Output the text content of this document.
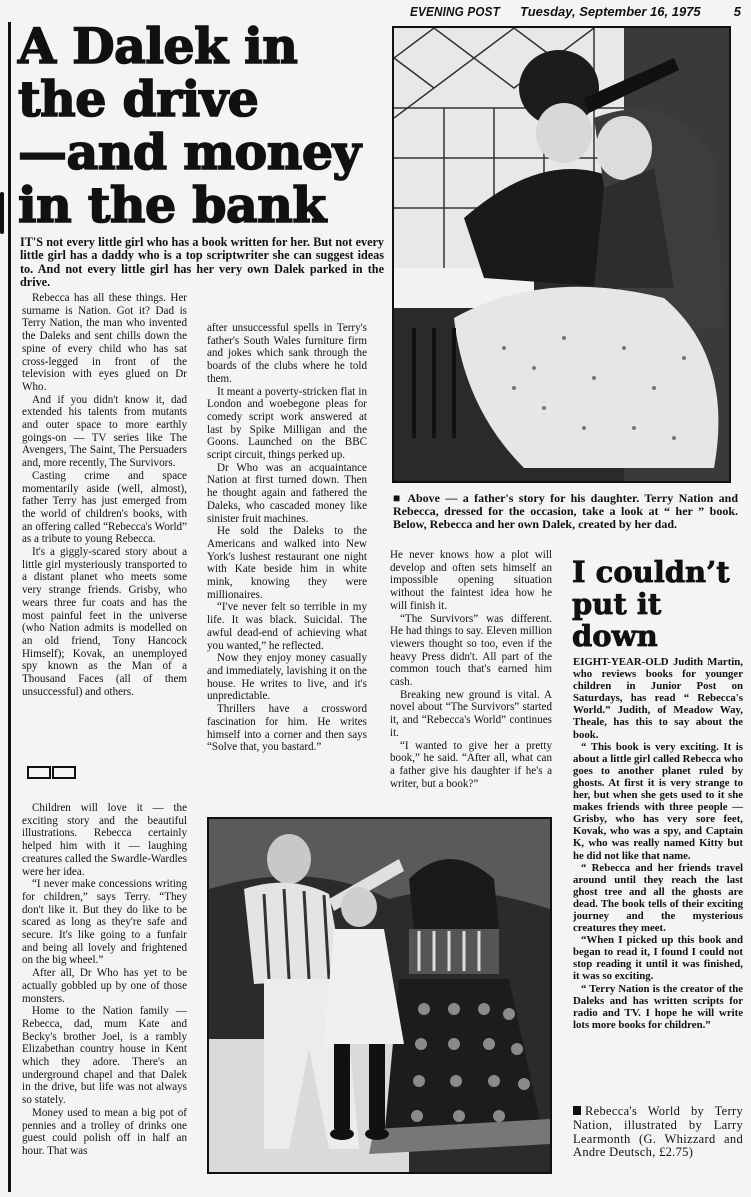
EVENING POST Tuesday, September 16, 1975	5
A Dalek in
the drive
—and money
in the bank
IT'S not every little girl who has a book written for her. But not every little girl has a daddy who is a top scriptwriter she can suggest ideas to. And not every little girl has her very own Dalek parked in the drive.

Rebecca has all these things. Her surname is Nation. Got it? Dad is Terry Nation, the man who invented the Daleks and sent chills down the spine of every child who has sat cross-legged in front of the television with eyes glued on Dr Who.

And if you didn't know it, dad extended his talents from mutants and outer space to more earthly goings-on — TV series like The Avengers, The Saint, The Persuaders and, more recently, The Survivors.

Casting crime and space momentarily aside (well, almost), father Terry has just emerged from the world of children's books, with an offering called “Rebecca's World” as a tribute to young Rebecca.

It's a giggly-scared story about a little girl mysteriously transported to a distant planet who meets some very strange friends. Grisby, who wears three fur coats and has the most painful feet in the universe (who Nation admits is modelled on an old friend, Tony Hancock Himself); Kovak, an unemployed spy known as the Man of a Thousand Faces (all of them unsuccessful) and others.

Children will love it — the exciting story and the beautiful illustrations. Rebecca certainly helped him with it — laughing creatures called the Swardle-Wardles were her idea.

“I never make concessions writing for children,” says Terry. “They don't like it. But they do like to be scared as long as they're safe and secure. It's like going to a funfair and being all lovely and frightened on the big wheel.”

After all, Dr Who has yet to be actually gobbled up by one of those monsters.

Home to the Nation family — Rebecca, dad, mum Kate and Becky's brother Joel, is a rambly Elizabethan country house in Kent which they adore. There's an underground chapel and that Dalek in the drive, but life was not always so stately.

Money used to mean a big pot of pennies and a trolley of drinks one guest could polish off in half an hour. That was

after unsuccessful spells in Terry's father's South Wales furniture firm and jokes which sank through the boards of the clubs where he told them.

It meant a poverty-stricken flat in London and woebegone pleas for comedy script work answered at last by Spike Milligan and the Goons. Launched on the BBC script circuit, things perked up.

Dr Who was an acquaintance Nation at first turned down. Then he thought again and fathered the Daleks, who cascaded money like sinister fruit machines.

He sold the Daleks to the Americans and walked into New York's lushest restaurant one night with Kate beside him in white mink, knowing they were millionaires.

“I've never felt so terrible in my life. It was black. Suicidal. The awful dead-end of achieving what you wanted,” he reflected.

Now they enjoy money casually and immediately, lavishing it on the house. He writes to live, and it's unpredictable.

Thrillers have a crossword fascination for him. He writes himself into a corner and then says “Solve that, you bastard.”

■ Above — a father's story for his daughter. Terry Nation and Rebecca, dressed for the occasion, take a look at “ her ” book. Below, Rebecca and her own Dalek, created by her dad.

He never knows how a plot will develop and often sets himself an impossible opening situation without the faintest idea how he will finish it.

“The Survivors” was different. He had things to say. Eleven million viewers thought so too, even if the heavy Press didn't. All part of the common touch that's earned him cash.

Breaking new ground is vital. A novel about “The Survivors” started it, and “Rebecca's World” continues it.

“I wanted to give her a pretty book,” he said. “After all, what can a father give his daughter if he's a writer, but a book?”

I couldn’t
put it
down

EIGHT-YEAR-OLD Judith Martin, who reviews books for younger children in Junior Post on Saturdays, has read “ Rebecca's World.” Judith, of Meadow Way, Theale, has this to say about the book.

“ This book is very exciting. It is about a little girl called Rebecca who goes to another planet ruled by ghosts. At first it is very strange to her, but when she gets used to it she makes friends with three people — Grisby, who has very sore feet, Kovak, who was a spy, and Captain K, who was really named Kitty but he did not like that name.

“ Rebecca and her friends travel around until they reach the last ghost tree and all the ghosts are dead. The book tells of their exciting journey and the mysterious creatures they meet.

“When I picked up this book and began to read it, I found I could not stop reading it until it was finished, it was so exciting.

“ Terry Nation is the creator of the Daleks and has written scripts for radio and TV. I hope he will write lots more books for children.”

Rebecca's World by Terry Nation, illustrated by Larry Learmonth (G. Whizzard and Andre Deutsch, £2.75)
